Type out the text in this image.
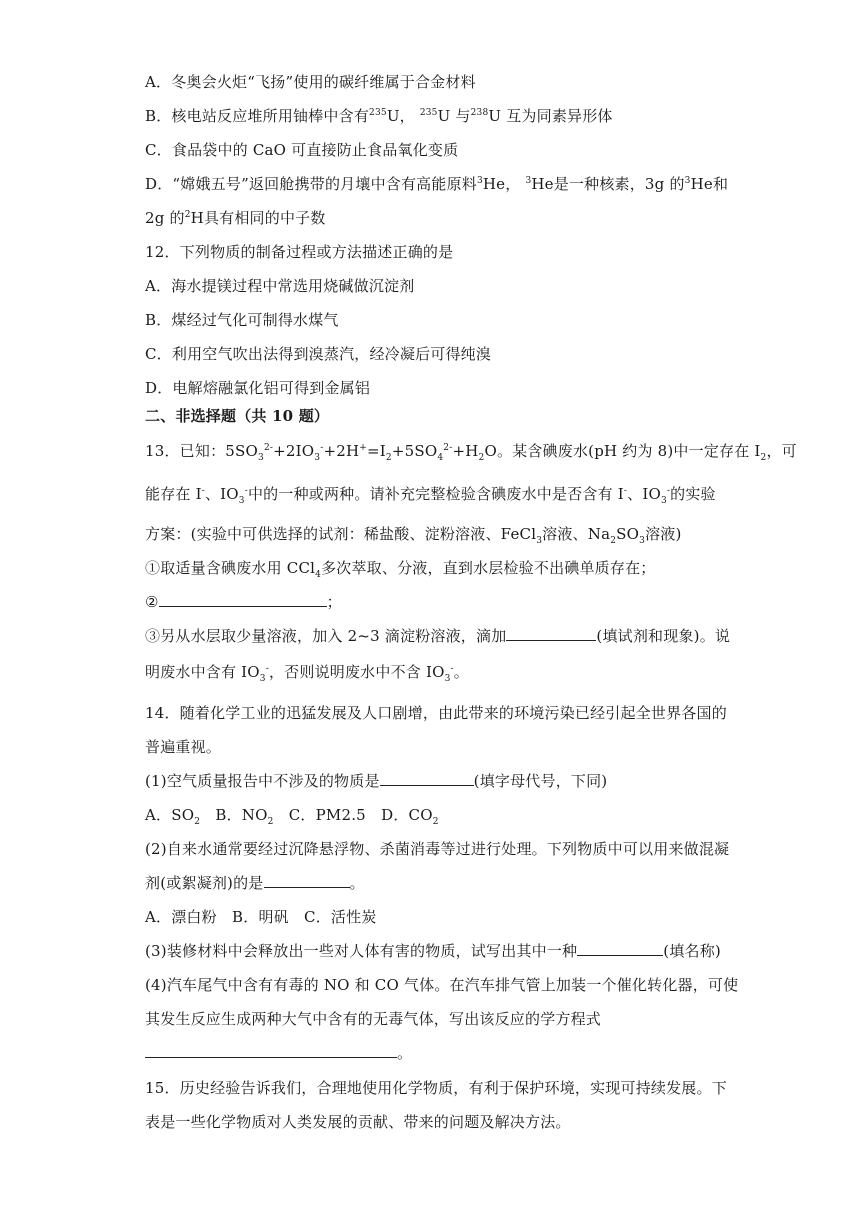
A．冬奥会火炬“飞扬”使用的碳纤维属于合金材料
B．核电站反应堆所用铀棒中含有$^{235}$U， $^{235}$U 与$^{238}$U 互为同素异形体
C．食品袋中的 CaO 可直接防止食品氧化变质
D．“嫦娥五号”返回舱携带的月壤中含有高能原料$^3$He， $^3$He是一种核素，3g 的$^3$He和
2g 的$^2$H具有相同的中子数
12．下列物质的制备过程或方法描述正确的是
A．海水提镁过程中常选用烧碱做沉淀剂
B．煤经过气化可制得水煤气
C．利用空气吹出法得到溴蒸汽，经冷凝后可得纯溴
D．电解熔融氯化铝可得到金属铝
二、非选择题（共 10 题）
13．已知：$5SO_3^{2-}+2IO_3^-+2H^+=I_2+5SO_4^{2-}+H_2O$。某含碘废水(pH 约为 8)中一定存在 $I_2$，可
能存在 I-、$IO_3^-$中的一种或两种。请补充完整检验含碘废水中是否含有 I-、$IO_3^-$的实验
方案：(实验中可供选择的试剂：稀盐酸、淀粉溶液、FeCl$_3$溶液、$Na_2SO_3$溶液)
①取适量含碘废水用 CCl$_4$多次萃取、分液，直到水层检验不出碘单质存在；
②	；
③另从水层取少量溶液，加入 2~3 滴淀粉溶液，滴加	(填试剂和现象)。说
明废水中含有 $IO_3^-$，否则说明废水中不含 $IO_3^-$。
14．随着化学工业的迅猛发展及人口剧增，由此带来的环境污染已经引起全世界各国的
普遍重视。
(1)空气质量报告中不涉及的物质是	(填字母代号，下同)
A．$SO_2$　B．$NO_2$　C．PM2.5　D．$CO_2$
(2)自来水通常要经过沉降悬浮物、杀菌消毒等过进行处理。下列物质中可以用来做混凝
剂(或絮凝剂)的是	。
A．漂白粉　B．明矾　C．活性炭
(3)装修材料中会释放出一些对人体有害的物质，试写出其中一种	(填名称)
(4)汽车尾气中含有有毒的 NO 和 CO 气体。在汽车排气管上加装一个催化转化器，可使
其发生反应生成两种大气中含有的无毒气体，写出该反应的学方程式
。
15．历史经验告诉我们，合理地使用化学物质，有利于保护环境，实现可持续发展。下
表是一些化学物质对人类发展的贡献、带来的问题及解决方法。
